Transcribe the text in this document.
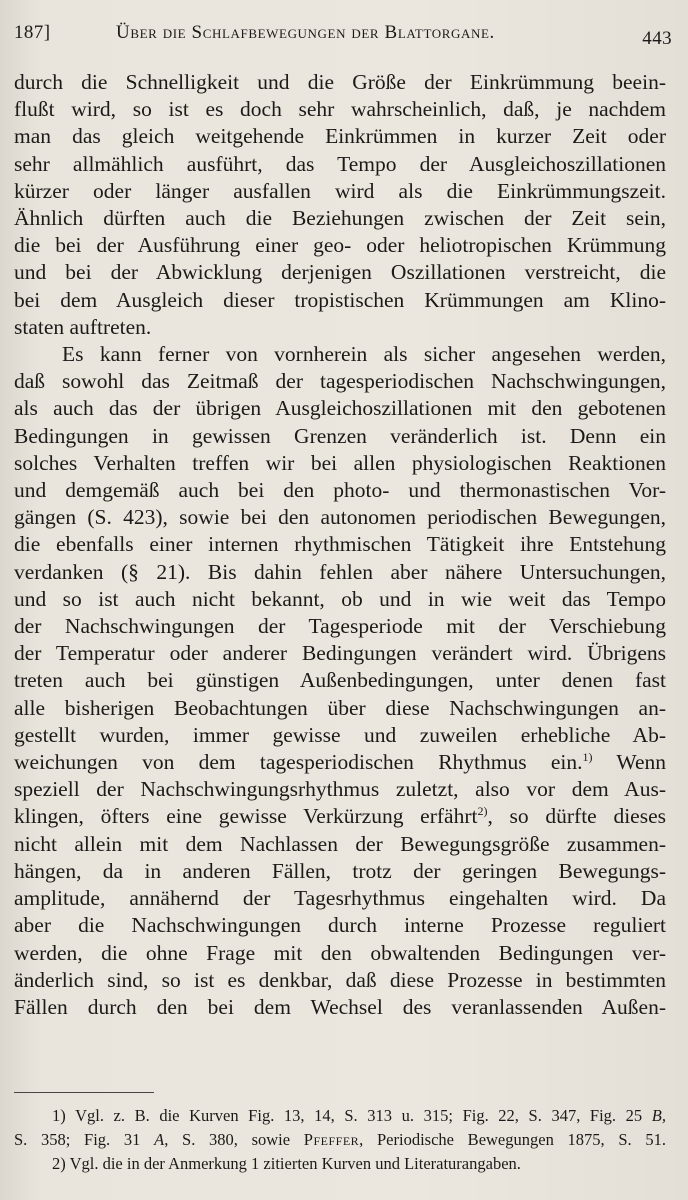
187]	Über die Schlafbewegungen der Blattorgane.	443

durch die Schnelligkeit und die Größe der Einkrümmung beein-
flußt wird, so ist es doch sehr wahrscheinlich, daß, je nachdem
man das gleich weitgehende Einkrümmen in kurzer Zeit oder
sehr allmählich ausführt, das Tempo der Ausgleichoszillationen
kürzer oder länger ausfallen wird als die Einkrümmungszeit.
Ähnlich dürften auch die Beziehungen zwischen der Zeit sein,
die bei der Ausführung einer geo- oder heliotropischen Krümmung
und bei der Abwicklung derjenigen Oszillationen verstreicht, die
bei dem Ausgleich dieser tropistischen Krümmungen am Klino-
staten auftreten.

Es kann ferner von vornherein als sicher angesehen werden,
daß sowohl das Zeitmaß der tagesperiodischen Nachschwingungen,
als auch das der übrigen Ausgleichoszillationen mit den gebotenen
Bedingungen in gewissen Grenzen veränderlich ist. Denn ein
solches Verhalten treffen wir bei allen physiologischen Reaktionen
und demgemäß auch bei den photo- und thermonastischen Vor-
gängen (S. 423), sowie bei den autonomen periodischen Bewegungen,
die ebenfalls einer internen rhythmischen Tätigkeit ihre Entstehung
verdanken (§ 21). Bis dahin fehlen aber nähere Untersuchungen,
und so ist auch nicht bekannt, ob und in wie weit das Tempo
der Nachschwingungen der Tagesperiode mit der Verschiebung
der Temperatur oder anderer Bedingungen verändert wird. Übrigens
treten auch bei günstigen Außenbedingungen, unter denen fast
alle bisherigen Beobachtungen über diese Nachschwingungen an-
gestellt wurden, immer gewisse und zuweilen erhebliche Ab-
weichungen von dem tagesperiodischen Rhythmus ein.$^{1)}$ Wenn
speziell der Nachschwingungsrhythmus zuletzt, also vor dem Aus-
klingen, öfters eine gewisse Verkürzung erfährt$^{2)}$, so dürfte dieses
nicht allein mit dem Nachlassen der Bewegungsgröße zusammen-
hängen, da in anderen Fällen, trotz der geringen Bewegungs-
amplitude, annähernd der Tagesrhythmus eingehalten wird. Da
aber die Nachschwingungen durch interne Prozesse reguliert
werden, die ohne Frage mit den obwaltenden Bedingungen ver-
änderlich sind, so ist es denkbar, daß diese Prozesse in bestimmten
Fällen durch den bei dem Wechsel des veranlassenden Außen-

1) Vgl. z. B. die Kurven Fig. 13, 14, S. 313 u. 315; Fig. 22, S. 347, Fig. 25 B,
S. 358; Fig. 31 A, S. 380, sowie Pfeffer, Periodische Bewegungen 1875, S. 51.
2) Vgl. die in der Anmerkung 1 zitierten Kurven und Literaturangaben.
